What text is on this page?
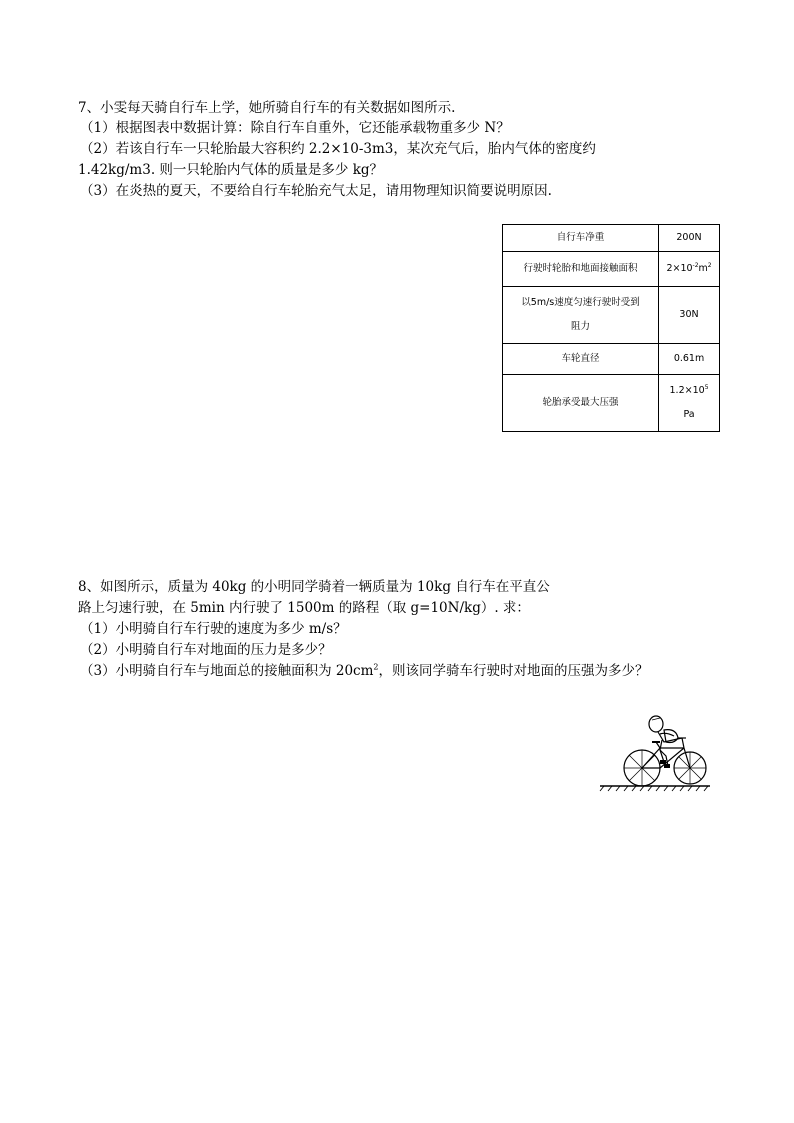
7、小雯每天骑自行车上学，她所骑自行车的有关数据如图所示.
（1）根据图表中数据计算：除自行车自重外，它还能承载物重多少 N？
（2）若该自行车一只轮胎最大容积约 2.2×10-3m3，某次充气后，胎内气体的密度约
1.42kg/m3. 则一只轮胎内气体的质量是多少 kg？
（3）在炎热的夏天，不要给自行车轮胎充气太足，请用物理知识简要说明原因.
自行车净重	200N
行驶时轮胎和地面接触面积	$2\times 10^{-2}m^2$

以5m/s速度匀速行驶时受到
阻力	30N
车轮直径	0.61m
轮胎承受最大压强	$1.2\times 10^5$
Pa
8、如图所示，质量为 40kg 的小明同学骑着一辆质量为 10kg 自行车在平直公
路上匀速行驶，在 5min 内行驶了 1500m 的路程（取 g=10N/kg）. 求：
（1）小明骑自行车行驶的速度为多少 m/s？
（2）小明骑自行车对地面的压力是多少？
（3）小明骑自行车与地面总的接触面积为 $20cm^2$，则该同学骑车行驶时对地面的压强为多少？
